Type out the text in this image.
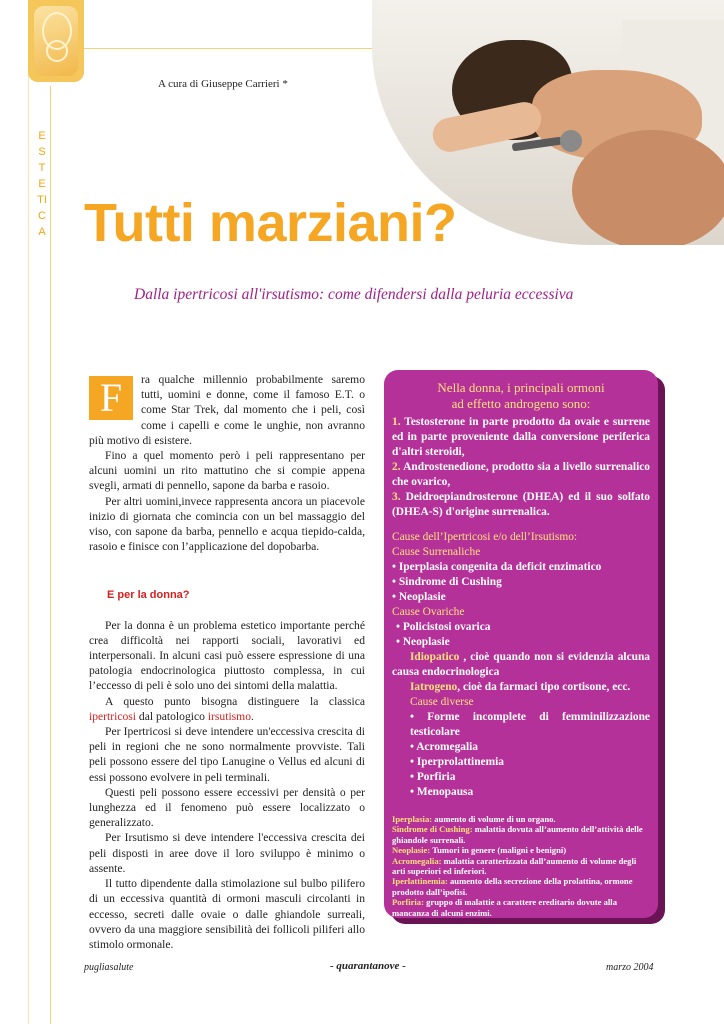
ESTETICA
A cura di Giuseppe Carrieri *
Tutti marziani?
Dalla ipertricosi all'irsutismo: come difendersi dalla peluria eccessiva
F	ra qualche millennio probabilmente saremo tutti, uomini e donne, come il famoso E.T. o come Star Trek, dal momento che i peli, così come i capelli e come le unghie, non avranno più motivo di esistere.

Fino a quel momento però i peli rappresentano per alcuni uomini un rito mattutino che si compie appena svegli, armati di pennello, sapone da barba e rasoio.

Per altri uomini,invece rappresenta ancora un piacevole inizio di giornata che comincia con un bel massaggio del viso, con sapone da barba, pennello e acqua tiepido-calda, rasoio e finisce con l’applicazione del dopobarba.

E per la donna?

Per la donna è un problema estetico importante perché crea difficoltà nei rapporti sociali, lavorativi ed interpersonali. In alcuni casi può essere espressione di una patologia endocrinologica piuttosto complessa, in cui l’eccesso di peli è solo uno dei sintomi della malattia.

A questo punto bisogna distinguere la classica ipertricosi dal patologico irsutismo.

Per Ipertricosi si deve intendere un'eccessiva crescita di peli in regioni che ne sono normalmente provviste. Tali peli possono essere del tipo Lanugine o Vellus ed alcuni di essi possono evolvere in peli terminali.

Questi peli possono essere eccessivi per densità o per lunghezza ed il fenomeno può essere localizzato o generalizzato.

Per Irsutismo si deve intendere l'eccessiva crescita dei peli disposti in aree dove il loro sviluppo è minimo o assente.

Il tutto dipendente dalla stimolazione sul bulbo pilifero di un eccessiva quantità di ormoni masculi circolanti in eccesso, secreti dalle ovaie o dalle ghiandole surreali, ovvero da una maggiore sensibilità dei follicoli piliferi allo stimolo ormonale.

Nella donna, i principali ormoni
ad effetto androgeno sono:

1. Testosterone in parte prodotto da ovaie e surrene ed in parte proveniente dalla conversione periferica d'altri steroidi,

2. Androstenedione, prodotto sia a livello surrenalico che ovarico,

3. Deidroepiandrosterone (DHEA) ed il suo solfato (DHEA-S) d'origine surrenalica.

Cause dell’Ipertricosi e/o dell’Irsutismo:

Cause Surrenaliche

• Iperplasia congenita da deficit enzimatico

• Sindrome di Cushing

• Neoplasie

Cause Ovariche

• Policistosi ovarica

• Neoplasie

Idiopatico , cioè quando non si evidenzia alcuna causa endocrinologica

Iatrogeno, cioè da farmaci tipo cortisone, ecc.

Cause diverse

• Forme incomplete di femminilizzazione testicolare

• Acromegalia

• Iperprolattinemia

• Porfiria

• Menopausa

Iperplasia: aumento di volume di un organo.
Sindrome di Cushing: malattia dovuta all’aumento dell’attività delle ghiandole surrenali.
Neoplasie: Tumori in genere (maligni e benigni)
Acromegalia: malattia caratterizzata dall’aumento di volume degli arti superiori ed inferiori.
Iperlattinemia: aumento della secrezione della prolattina, ormone prodotto dall’ipofisi.
Porfiria: gruppo di malattie a carattere ereditario dovute alla mancanza di alcuni enzimi.
pugliasalute	- quarantanove -	marzo 2004
